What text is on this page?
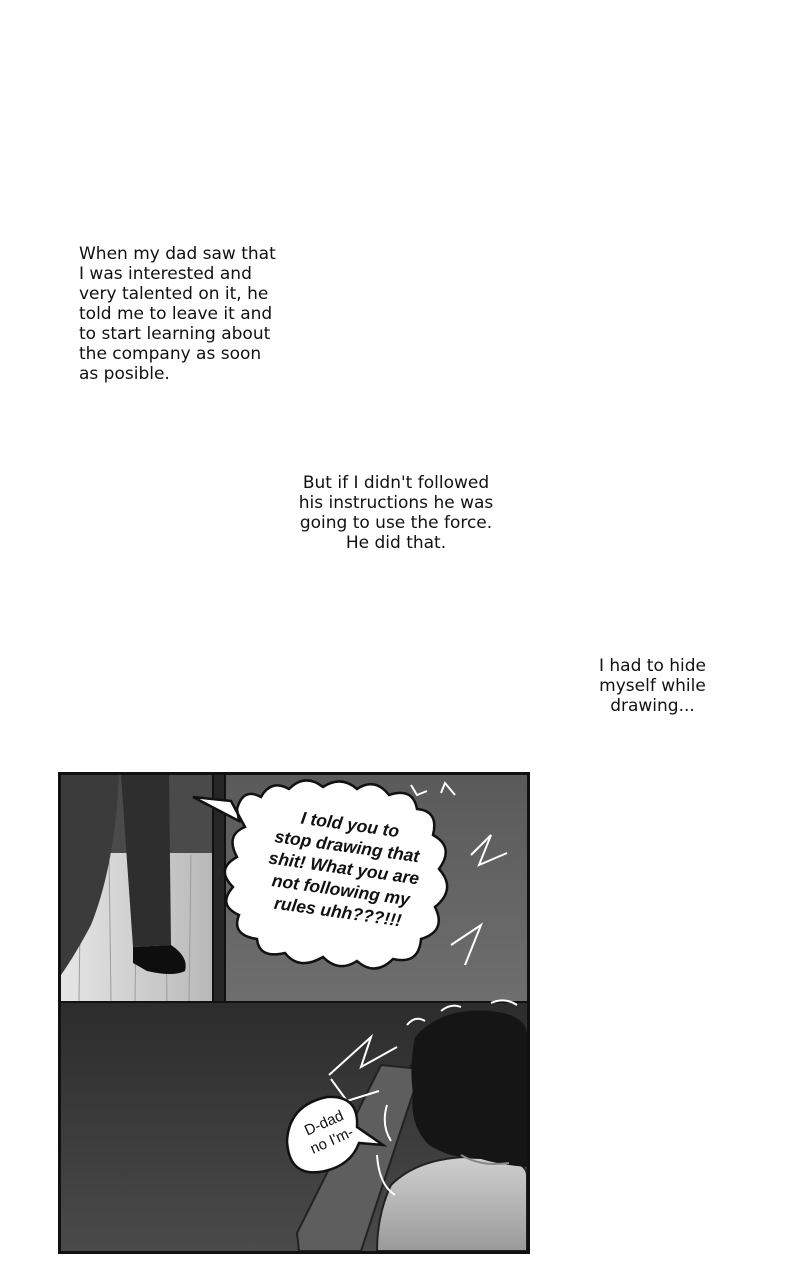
When my dad saw that
I was interested and
very talented on it, he
told me to leave it and
to start learning about
the company as soon
as posible.
But if I didn't followed
his instructions he was
going to use the force.
He did that.
I had to hide
myself while
drawing...
I told you to
stop drawing that
shit! What you are
not following my
rules uhh???!!!
D-dad
no I'm-
